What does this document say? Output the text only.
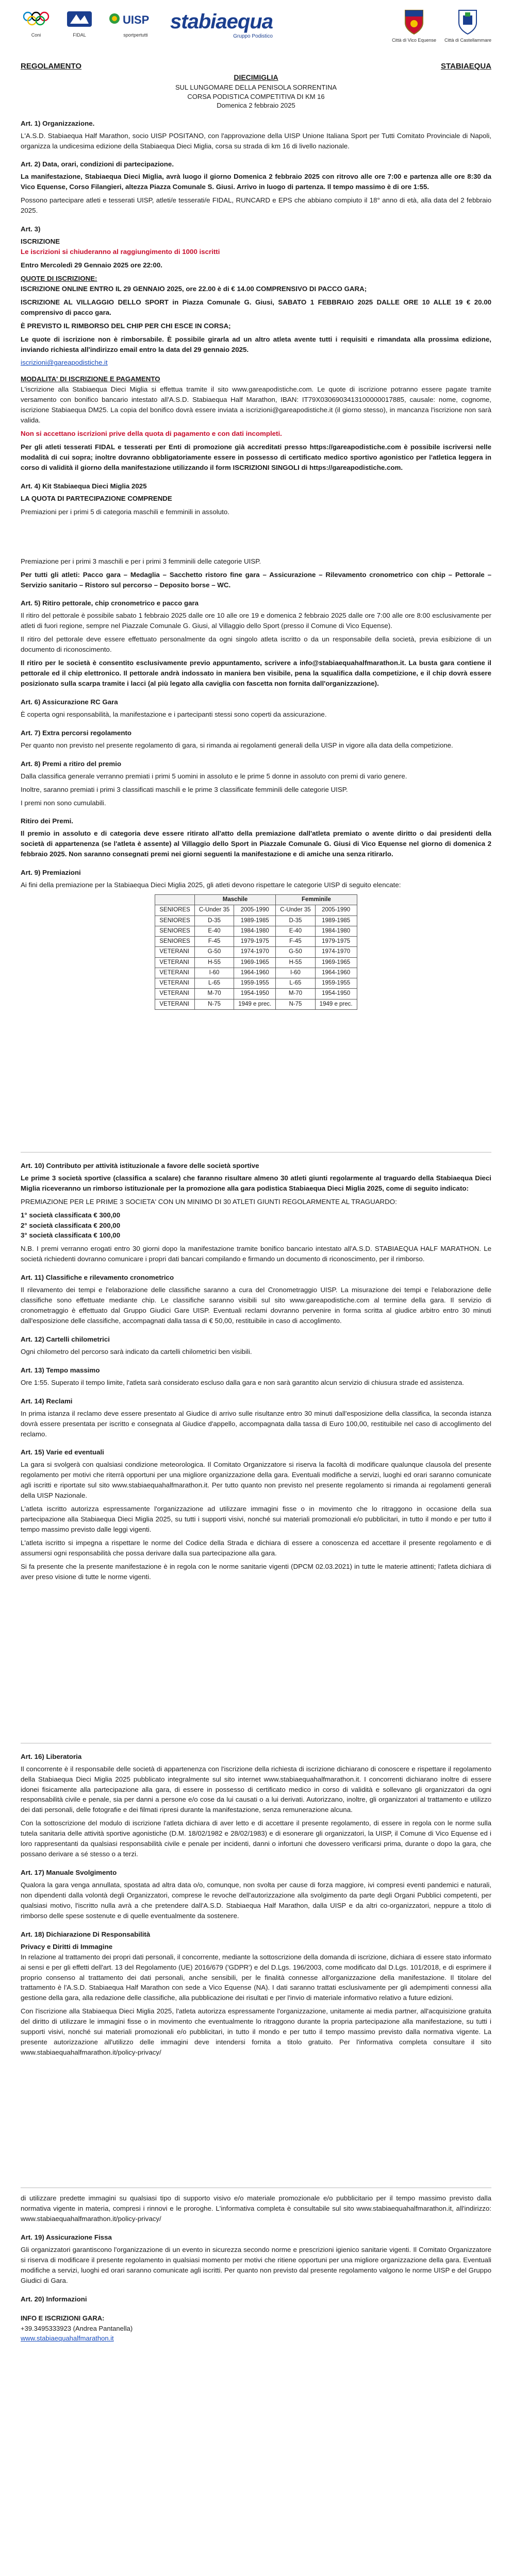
Coni	FIDAL
UISP
sportpertutti
stabiaequa
Gruppo Podistico
Città di Vico Equense Città di Castellammare
REGOLAMENTO	STABIAEQUA
DIECIMIGLIA
SUL LUNGOMARE DELLA PENISOLA SORRENTINA
CORSA PODISTICA COMPETITIVA DI KM 16
Domenica 2 febbraio 2025
Art. 1) Organizzazione.

L'A.S.D. Stabiaequa Half Marathon, socio UISP POSITANO, con l'approvazione della UISP Unione Italiana Sport per Tutti Comitato Provinciale di Napoli, organizza la undicesima edizione della Stabiaequa Dieci Miglia, corsa su strada di km 16 di livello nazionale.

Art. 2) Data, orari, condizioni di partecipazione.

La manifestazione, Stabiaequa Dieci Miglia, avrà luogo il giorno Domenica 2 febbraio 2025 con ritrovo alle ore 7:00 e partenza alle ore 8:30 da Vico Equense, Corso Filangieri, altezza Piazza Comunale S. Giusi. Arrivo in luogo di partenza. Il tempo massimo è di ore 1:55.

Possono partecipare atleti e tesserati UISP, atleti/e tesserati/e FIDAL, RUNCARD e EPS che abbiano compiuto il 18° anno di età, alla data del 2 febbraio 2025.

Art. 3)
ISCRIZIONE

Le iscrizioni si chiuderanno al raggiungimento di 1000 iscritti

Entro Mercoledì 29 Gennaio 2025 ore 22:00.

QUOTE DI ISCRIZIONE:

ISCRIZIONE ONLINE ENTRO IL 29 GENNAIO 2025, ore 22.00 è di € 14.00 COMPRENSIVO DI PACCO GARA;

ISCRIZIONE AL VILLAGGIO DELLO SPORT in Piazza Comunale G. Giusi, SABATO 1 FEBBRAIO 2025 DALLE ORE 10 ALLE 19 € 20.00 comprensivo di pacco gara.

È PREVISTO IL RIMBORSO DEL CHIP PER CHI ESCE IN CORSA;

Le quote di iscrizione non è rimborsabile. È possibile girarla ad un altro atleta avente tutti i requisiti e rimandata alla prossima edizione, inviando richiesta all'indirizzo email entro la data del 29 gennaio 2025.

iscrizioni@gareapodistiche.it

MODALITA' DI ISCRIZIONE E PAGAMENTO

L'iscrizione alla Stabiaequa Dieci Miglia si effettua tramite il sito www.gareapodistiche.com. Le quote di iscrizione potranno essere pagate tramite versamento con bonifico bancario intestato all'A.S.D. Stabiaequa Half Marathon, IBAN: IT79X0306903413100000017885, causale: nome, cognome, iscrizione Stabiaequa DM25. La copia del bonifico dovrà essere inviata a iscrizioni@gareapodistiche.it (il giorno stesso), in mancanza l'iscrizione non sarà valida.

Non si accettano iscrizioni prive della quota di pagamento e con dati incompleti.

Per gli atleti tesserati FIDAL e tesserati per Enti di promozione già accreditati presso https://gareapodistiche.com è possibile iscriversi nelle modalità di cui sopra; inoltre dovranno obbligatoriamente essere in possesso di certificato medico sportivo agonistico per l'atletica leggera in corso di validità il giorno della manifestazione utilizzando il form ISCRIZIONI SINGOLI di https://gareapodistiche.com.

Art. 4) Kit Stabiaequa Dieci Miglia 2025

LA QUOTA DI PARTECIPAZIONE COMPRENDE

Premiazioni per i primi 5 di categoria maschili e femminili in assoluto.

Premiazione per i primi 3 maschili e per i primi 3 femminili delle categorie UISP.

Per tutti gli atleti: Pacco gara – Medaglia – Sacchetto ristoro fine gara – Assicurazione – Rilevamento cronometrico con chip – Pettorale – Servizio sanitario – Ristoro sul percorso – Deposito borse – WC.

Art. 5) Ritiro pettorale, chip cronometrico e pacco gara

Il ritiro del pettorale è possibile sabato 1 febbraio 2025 dalle ore 10 alle ore 19 e domenica 2 febbraio 2025 dalle ore 7:00 alle ore 8:00 esclusivamente per atleti di fuori regione, sempre nel Piazzale Comunale G. Giusi, al Villaggio dello Sport (presso il Comune di Vico Equense).

Il ritiro del pettorale deve essere effettuato personalmente da ogni singolo atleta iscritto o da un responsabile della società, previa esibizione di un documento di riconoscimento.

Il ritiro per le società è consentito esclusivamente previo appuntamento, scrivere a info@stabiaequahalfmarathon.it. La busta gara contiene il pettorale ed il chip elettronico. Il pettorale andrà indossato in maniera ben visibile, pena la squalifica dalla competizione, e il chip dovrà essere posizionato sulla scarpa tramite i lacci (al più legato alla caviglia con fascetta non fornita dall'organizzazione).

Art. 6) Assicurazione RC Gara

È coperta ogni responsabilità, la manifestazione e i partecipanti stessi sono coperti da assicurazione.

Art. 7) Extra percorsi regolamento

Per quanto non previsto nel presente regolamento di gara, si rimanda ai regolamenti generali della UISP in vigore alla data della competizione.

Art. 8) Premi a ritiro del premio

Dalla classifica generale verranno premiati i primi 5 uomini in assoluto e le prime 5 donne in assoluto con premi di vario genere.

Inoltre, saranno premiati i primi 3 classificati maschili e le prime 3 classificate femminili delle categorie UISP.

I premi non sono cumulabili.

Ritiro dei Premi.

Il premio in assoluto e di categoria deve essere ritirato all'atto della premiazione dall'atleta premiato o avente diritto o dai presidenti della società di appartenenza (se l'atleta è assente) al Villaggio dello Sport in Piazzale Comunale G. Giusi di Vico Equense nel giorno di domenica 2 febbraio 2025. Non saranno consegnati premi nei giorni seguenti la manifestazione e di amiche una senza ritirarlo.

Art. 9) Premiazioni

Ai fini della premiazione per la Stabiaequa Dieci Miglia 2025, gli atleti devono rispettare le categorie UISP di seguito elencate:

	Maschile		Femminile	
SENIORES	C-Under 35	2005-1990	C-Under 35	2005-1990
SENIORES	D-35	1989-1985	D-35	1989-1985
SENIORES	E-40	1984-1980	E-40	1984-1980
SENIORES	F-45	1979-1975	F-45	1979-1975
VETERANI	G-50	1974-1970	G-50	1974-1970
VETERANI	H-55	1969-1965	H-55	1969-1965
VETERANI	I-60	1964-1960	I-60	1964-1960
VETERANI	L-65	1959-1955	L-65	1959-1955
VETERANI	M-70	1954-1950	M-70	1954-1950
VETERANI	N-75	1949 e prec.	N-75	1949 e prec.
Art. 10) Contributo per attività istituzionale a favore delle società sportive

Le prime 3 società sportive (classifica a scalare) che faranno risultare almeno 30 atleti giunti regolarmente al traguardo della Stabiaequa Dieci Miglia riceveranno un rimborso istituzionale per la promozione alla gara podistica Stabiaequa Dieci Miglia 2025, come di seguito indicato:

PREMIAZIONE PER LE PRIME 3 SOCIETA' CON UN MINIMO DI 30 ATLETI GIUNTI REGOLARMENTE AL TRAGUARDO:

1° società classificata € 300,00

2° società classificata € 200,00

3° società classificata € 100,00

N.B. I premi verranno erogati entro 30 giorni dopo la manifestazione tramite bonifico bancario intestato all'A.S.D. STABIAEQUA HALF MARATHON. Le società richiedenti dovranno comunicare i propri dati bancari compilando e firmando un documento di riconoscimento, per il rimborso.

Art. 11) Classifiche e rilevamento cronometrico

Il rilevamento dei tempi e l'elaborazione delle classifiche saranno a cura del Cronometraggio UISP. La misurazione dei tempi e l'elaborazione delle classifiche sono effettuate mediante chip. Le classifiche saranno visibili sul sito www.gareapodistiche.com al termine della gara. Il servizio di cronometraggio è effettuato dal Gruppo Giudici Gare UISP. Eventuali reclami dovranno pervenire in forma scritta al giudice arbitro entro 30 minuti dall'esposizione delle classifiche, accompagnati dalla tassa di € 50,00, restituibile in caso di accoglimento.

Art. 12) Cartelli chilometrici

Ogni chilometro del percorso sarà indicato da cartelli chilometrici ben visibili.

Art. 13) Tempo massimo

Ore 1:55. Superato il tempo limite, l'atleta sarà considerato escluso dalla gara e non sarà garantito alcun servizio di chiusura strade ed assistenza.

Art. 14) Reclami

In prima istanza il reclamo deve essere presentato al Giudice di arrivo sulle risultanze entro 30 minuti dall'esposizione della classifica, la seconda istanza dovrà essere presentata per iscritto e consegnata al Giudice d'appello, accompagnata dalla tassa di Euro 100,00, restituibile nel caso di accoglimento del reclamo.

Art. 15) Varie ed eventuali

La gara si svolgerà con qualsiasi condizione meteorologica. Il Comitato Organizzatore si riserva la facoltà di modificare qualunque clausola del presente regolamento per motivi che riterrà opportuni per una migliore organizzazione della gara. Eventuali modifiche a servizi, luoghi ed orari saranno comunicate agli iscritti e riportate sul sito www.stabiaequahalfmarathon.it. Per tutto quanto non previsto nel presente regolamento si rimanda ai regolamenti generali della UISP Nazionale.

L'atleta iscritto autorizza espressamente l'organizzazione ad utilizzare immagini fisse o in movimento che lo ritraggono in occasione della sua partecipazione alla Stabiaequa Dieci Miglia 2025, su tutti i supporti visivi, nonché sui materiali promozionali e/o pubblicitari, in tutto il mondo e per tutto il tempo massimo previsto dalle leggi vigenti.

L'atleta iscritto si impegna a rispettare le norme del Codice della Strada e dichiara di essere a conoscenza ed accettare il presente regolamento e di assumersi ogni responsabilità che possa derivare dalla sua partecipazione alla gara.

Si fa presente che la presente manifestazione è in regola con le norme sanitarie vigenti (DPCM 02.03.2021) in tutte le materie attinenti; l'atleta dichiara di aver preso visione di tutte le norme vigenti.

Art. 16) Liberatoria

Il concorrente è il responsabile delle società di appartenenza con l'iscrizione della richiesta di iscrizione dichiarano di conoscere e rispettare il regolamento della Stabiaequa Dieci Miglia 2025 pubblicato integralmente sul sito internet www.stabiaequahalfmarathon.it. I concorrenti dichiarano inoltre di essere idonei fisicamente alla partecipazione alla gara, di essere in possesso di certificato medico in corso di validità e sollevano gli organizzatori da ogni responsabilità civile e penale, sia per danni a persone e/o cose da lui causati o a lui derivati. Autorizzano, inoltre, gli organizzatori al trattamento e utilizzo dei dati personali, delle fotografie e dei filmati ripresi durante la manifestazione, senza remunerazione alcuna.

Con la sottoscrizione del modulo di iscrizione l'atleta dichiara di aver letto e di accettare il presente regolamento, di essere in regola con le norme sulla tutela sanitaria delle attività sportive agonistiche (D.M. 18/02/1982 e 28/02/1983) e di esonerare gli organizzatori, la UISP, il Comune di Vico Equense ed i loro rappresentanti da qualsiasi responsabilità civile e penale per incidenti, danni o infortuni che dovessero verificarsi prima, durante o dopo la gara, che possano derivare a sé stesso o a terzi.

Art. 17) Manuale Svolgimento

Qualora la gara venga annullata, spostata ad altra data o/o, comunque, non svolta per cause di forza maggiore, ivi compresi eventi pandemici e naturali, non dipendenti dalla volontà degli Organizzatori, comprese le revoche dell'autorizzazione alla svolgimento da parte degli Organi Pubblici competenti, per qualsiasi motivo, l'iscritto nulla avrà a che pretendere dall'A.S.D. Stabiaequa Half Marathon, dalla UISP e da altri co-organizzatori, neppure a titolo di rimborso delle spese sostenute e di quelle eventualmente da sostenere.

Art. 18) Dichiarazione Di Responsabilità
Privacy e Diritti di Immagine

In relazione al trattamento dei propri dati personali, il concorrente, mediante la sottoscrizione della domanda di iscrizione, dichiara di essere stato informato ai sensi e per gli effetti dell'art. 13 del Regolamento (UE) 2016/679 ('GDPR') e del D.Lgs. 196/2003, come modificato dal D.Lgs. 101/2018, e di esprimere il proprio consenso al trattamento dei dati personali, anche sensibili, per le finalità connesse all'organizzazione della manifestazione. Il titolare del trattamento è l'A.S.D. Stabiaequa Half Marathon con sede a Vico Equense (NA). I dati saranno trattati esclusivamente per gli adempimenti connessi alla gestione della gara, alla redazione delle classifiche, alla pubblicazione dei risultati e per l'invio di materiale informativo relativo a future edizioni.

Con l'iscrizione alla Stabiaequa Dieci Miglia 2025, l'atleta autorizza espressamente l'organizzazione, unitamente ai media partner, all'acquisizione gratuita del diritto di utilizzare le immagini fisse o in movimento che eventualmente lo ritraggono durante la propria partecipazione alla manifestazione, su tutti i supporti visivi, nonché sui materiali promozionali e/o pubblicitari, in tutto il mondo e per tutto il tempo massimo previsto dalla normativa vigente. La presente autorizzazione all'utilizzo delle immagini deve intendersi fornita a titolo gratuito. Per l'informativa completa consultare il sito www.stabiaequahalfmarathon.it/policy-privacy/

di utilizzare predette immagini su qualsiasi tipo di supporto visivo e/o materiale promozionale e/o pubblicitario per il tempo massimo previsto dalla normativa vigente in materia, compresi i rinnovi e le proroghe. L'informativa completa è consultabile sul sito www.stabiaequahalfmarathon.it, all'indirizzo: www.stabiaequahalfmarathon.it/policy-privacy/

Art. 19) Assicurazione Fissa

Gli organizzatori garantiscono l'organizzazione di un evento in sicurezza secondo norme e prescrizioni igienico sanitarie vigenti. Il Comitato Organizzatore si riserva di modificare il presente regolamento in qualsiasi momento per motivi che ritiene opportuni per una migliore organizzazione della gara. Eventuali modifiche a servizi, luoghi ed orari saranno comunicate agli iscritti. Per quanto non previsto dal presente regolamento valgono le norme UISP e del Gruppo Giudici di Gara.

Art. 20) Informazioni
INFO E ISCRIZIONI GARA:
+39.3495333923 (Andrea Pantanella)
www.stabiaequahalfmarathon.it
